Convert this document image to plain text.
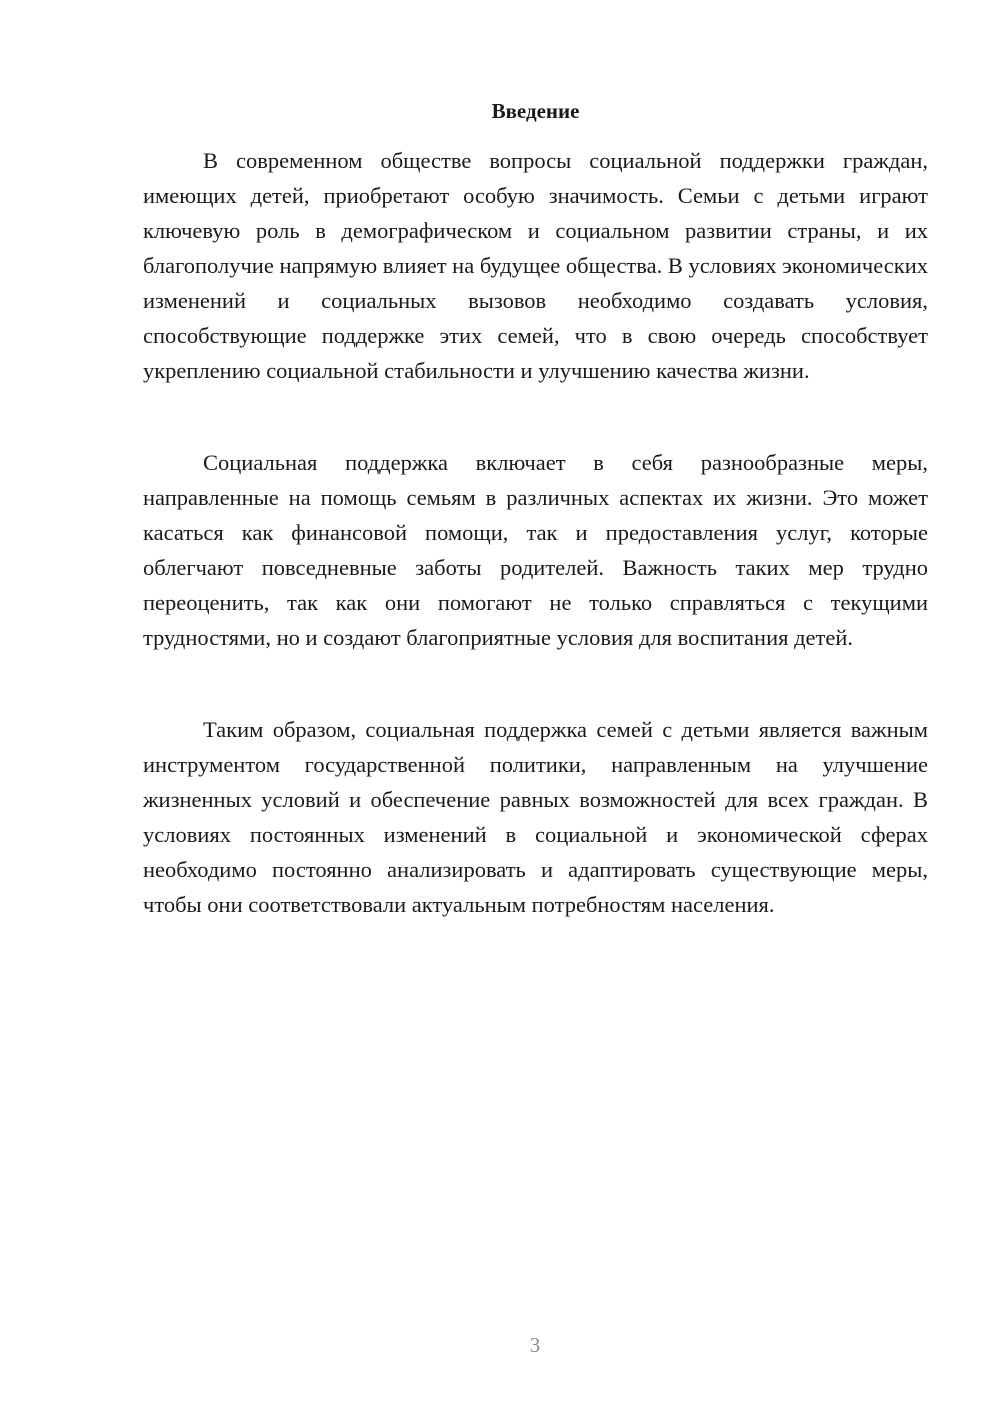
Введение

В современном обществе вопросы социальной поддержки граждан, имеющих детей, приобретают особую значимость. Семьи с детьми играют ключевую роль в демографическом и социальном развитии страны, и их благополучие напрямую влияет на будущее общества. В условиях экономических изменений и социальных вызовов необходимо создавать условия, способствующие поддержке этих семей, что в свою очередь способствует укреплению социальной стабильности и улучшению качества жизни.

Социальная поддержка включает в себя разнообразные меры, направленные на помощь семьям в различных аспектах их жизни. Это может касаться как финансовой помощи, так и предоставления услуг, которые облегчают повседневные заботы родителей. Важность таких мер трудно переоценить, так как они помогают не только справляться с текущими трудностями, но и создают благоприятные условия для воспитания детей.

Таким образом, социальная поддержка семей с детьми является важным инструментом государственной политики, направленным на улучшение жизненных условий и обеспечение равных возможностей для всех граждан. В условиях постоянных изменений в социальной и экономической сферах необходимо постоянно анализировать и адаптировать существующие меры, чтобы они соответствовали актуальным потребностям населения.

3
